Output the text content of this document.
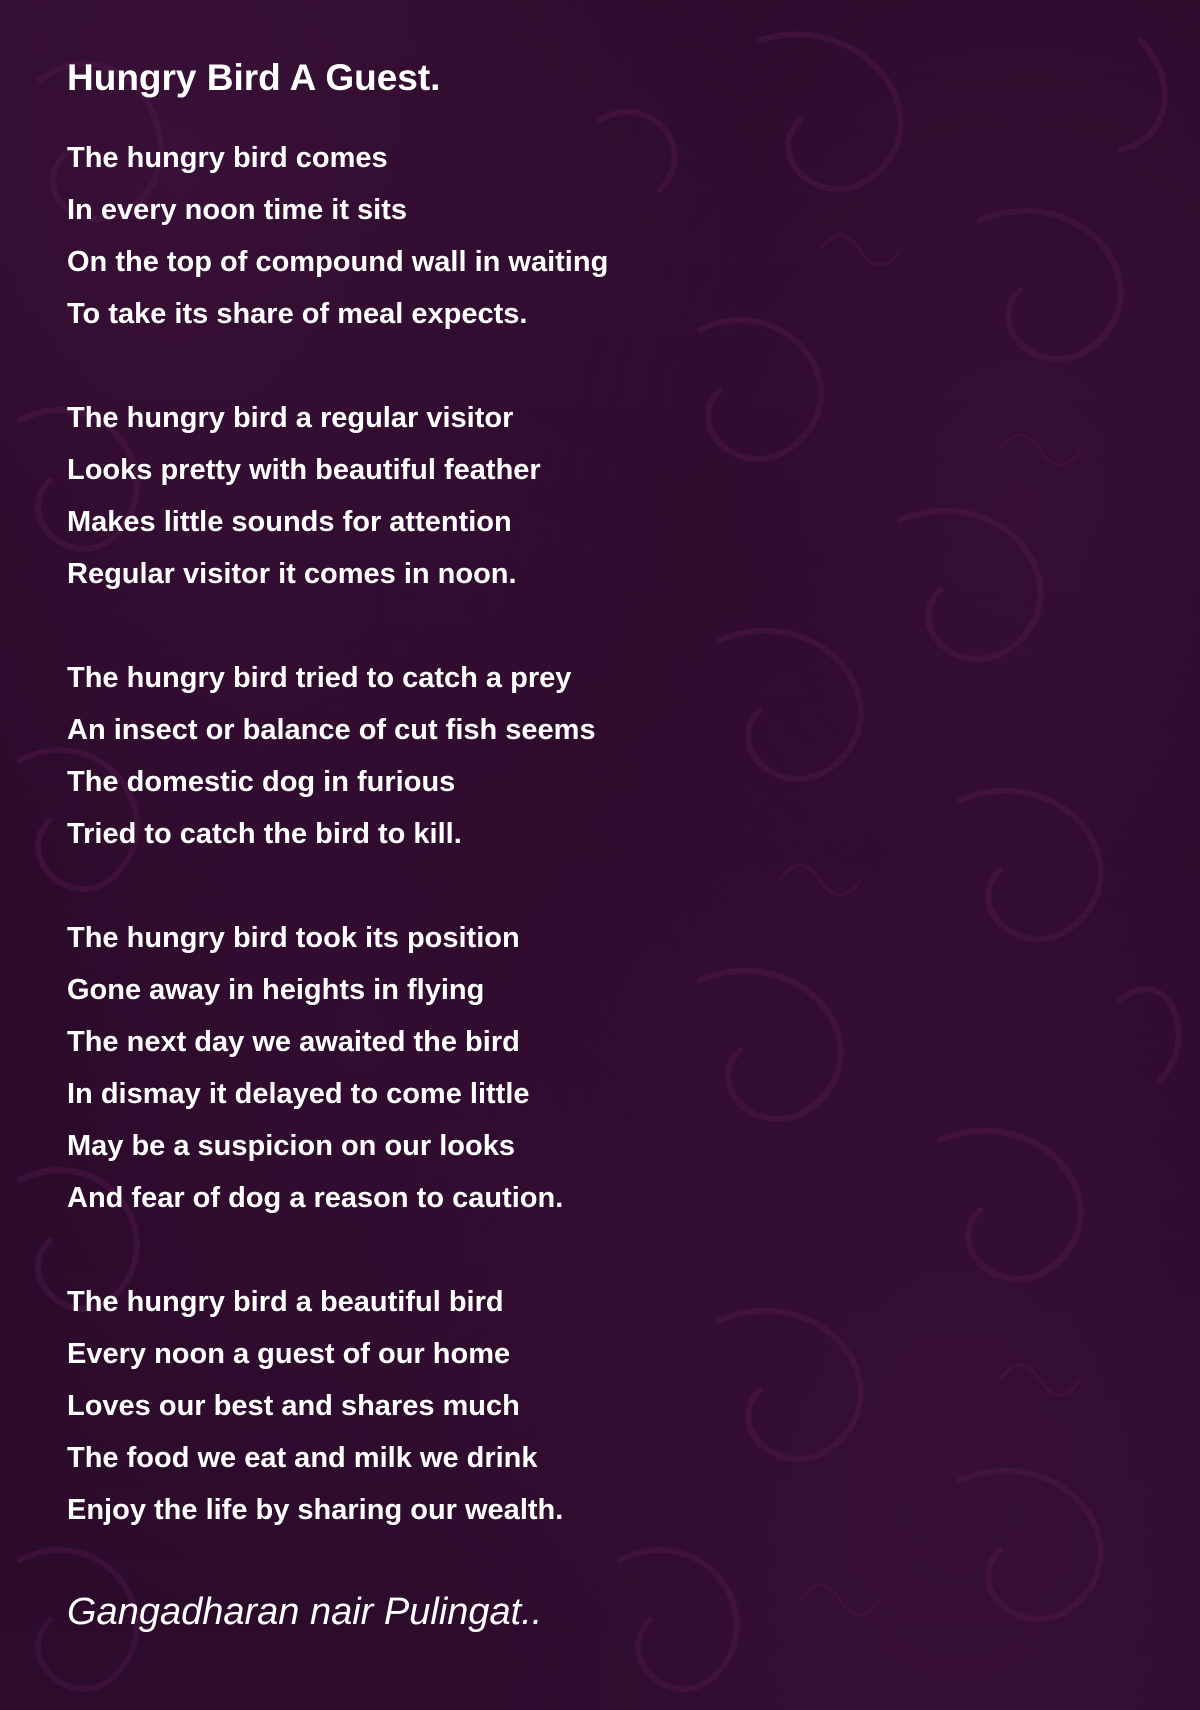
Hungry Bird A Guest.
The hungry bird comes
In every noon time it sits
On the top of compound wall in waiting
To take its share of meal expects.
The hungry bird a regular visitor
Looks pretty with beautiful feather
Makes little sounds for attention
Regular visitor it comes in noon.
The hungry bird tried to catch a prey
An insect or balance of cut fish seems
The domestic dog in furious
Tried to catch the bird to kill.
The hungry bird took its position
Gone away in heights in flying
The next day we awaited the bird
In dismay it delayed to come little
May be a suspicion on our looks
And fear of dog a reason to caution.
The hungry bird a beautiful bird
Every noon a guest of our home
Loves our best and shares much
The food we eat and milk we drink
Enjoy the life by sharing our wealth.
Gangadharan nair Pulingat..
